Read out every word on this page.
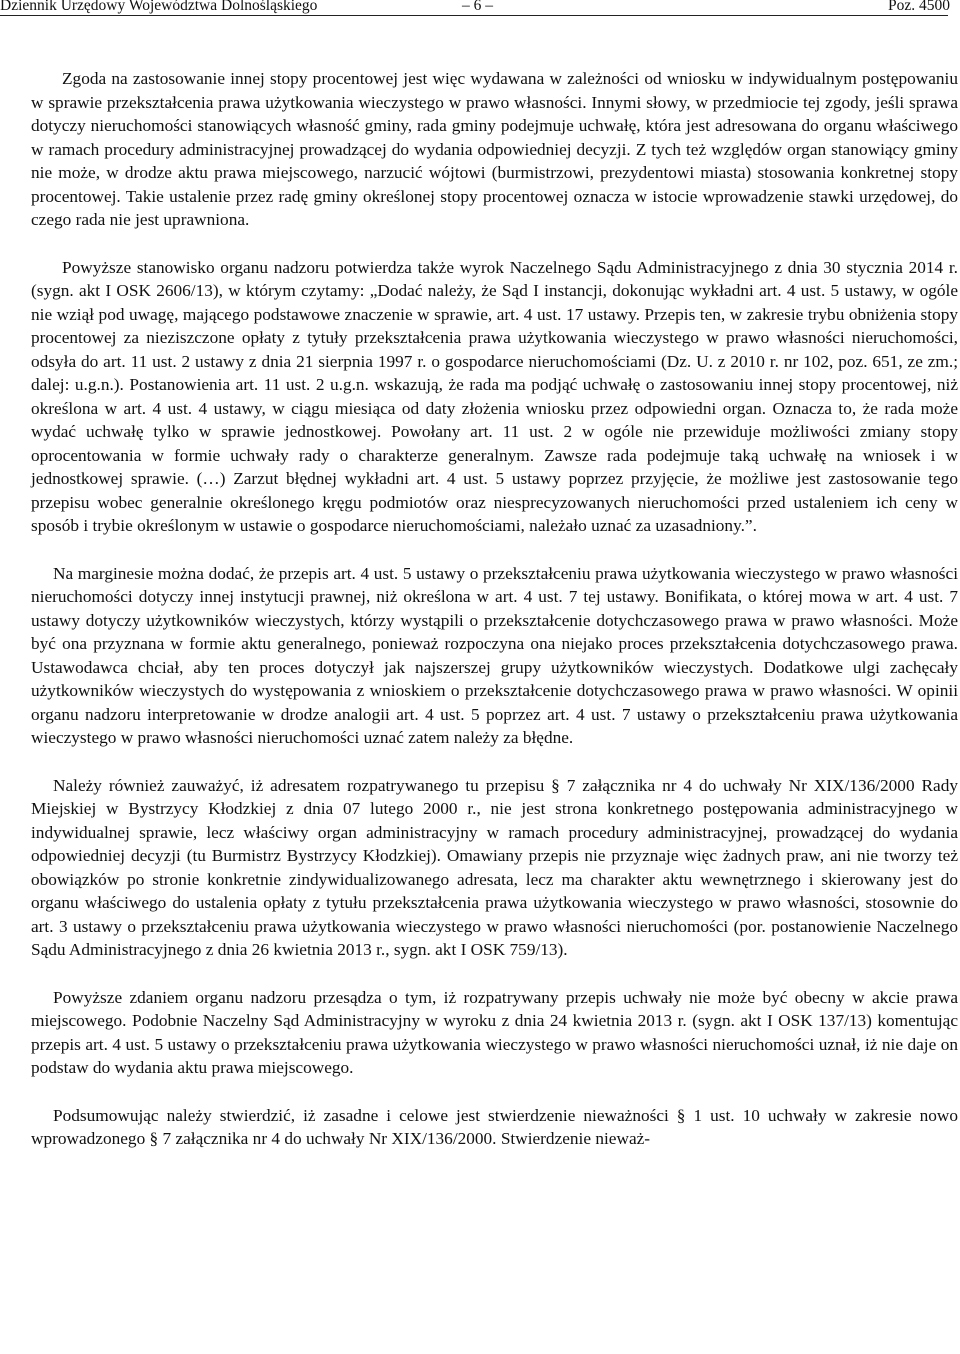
Dziennik Urzędowy Województwa Dolnośląskiego	– 6 –	Poz. 4500

Zgoda na zastosowanie innej stopy procentowej jest więc wydawana w zależności od wniosku w indywidualnym postępowaniu w sprawie przekształcenia prawa użytkowania wieczystego w prawo własności. Innymi słowy, w przedmiocie tej zgody, jeśli sprawa dotyczy nieruchomości stanowiących własność gminy, rada gminy podejmuje uchwałę, która jest adresowana do organu właściwego w ramach procedury administracyjnej prowadzącej do wydania odpowiedniej decyzji. Z tych też względów organ stanowiący gminy nie może, w drodze aktu prawa miejscowego, narzucić wójtowi (burmistrzowi, prezydentowi miasta) stosowania konkretnej stopy procentowej. Takie ustalenie przez radę gminy określonej stopy procentowej oznacza w istocie wprowadzenie stawki urzędowej, do czego rada nie jest uprawniona.

Powyższe stanowisko organu nadzoru potwierdza także wyrok Naczelnego Sądu Administracyjnego z dnia 30 stycznia 2014 r. (sygn. akt I OSK 2606/13), w którym czytamy: „Dodać należy, że Sąd I instancji, dokonując wykładni art. 4 ust. 5 ustawy, w ogóle nie wziął pod uwagę, mającego podstawowe znaczenie w sprawie, art. 4 ust. 17 ustawy. Przepis ten, w zakresie trybu obniżenia stopy procentowej za nieziszczone opłaty z tytuły przekształcenia prawa użytkowania wieczystego w prawo własności nieruchomości, odsyła do art. 11 ust. 2 ustawy z dnia 21 sierpnia 1997 r. o gospodarce nieruchomościami (Dz. U. z 2010 r. nr 102, poz. 651, ze zm.; dalej: u.g.n.). Postanowienia art. 11 ust. 2 u.g.n. wskazują, że rada ma podjąć uchwałę o zastosowaniu innej stopy procentowej, niż określona w art. 4 ust. 4 ustawy, w ciągu miesiąca od daty złożenia wniosku przez odpowiedni organ. Oznacza to, że rada może wydać uchwałę tylko w sprawie jednostkowej. Powołany art. 11 ust. 2 w ogóle nie przewiduje możliwości zmiany stopy oprocentowania w formie uchwały rady o charakterze generalnym. Zawsze rada podejmuje taką uchwałę na wniosek i w jednostkowej sprawie. (…) Zarzut błędnej wykładni art. 4 ust. 5 ustawy poprzez przyjęcie, że możliwe jest zastosowanie tego przepisu wobec generalnie określonego kręgu podmiotów oraz niesprecyzowanych nieruchomości przed ustaleniem ich ceny w sposób i trybie określonym w ustawie o gospodarce nieruchomościami, należało uznać za uzasadniony.”.

Na marginesie można dodać, że przepis art. 4 ust. 5 ustawy o przekształceniu prawa użytkowania wieczystego w prawo własności nieruchomości dotyczy innej instytucji prawnej, niż określona w art. 4 ust. 7 tej ustawy. Bonifikata, o której mowa w art. 4 ust. 7 ustawy dotyczy użytkowników wieczystych, którzy wystąpili o przekształcenie dotychczasowego prawa w prawo własności. Może być ona przyznana w formie aktu generalnego, ponieważ rozpoczyna ona niejako proces przekształcenia dotychczasowego prawa. Ustawodawca chciał, aby ten proces dotyczył jak najszerszej grupy użytkowników wieczystych. Dodatkowe ulgi zachęcały użytkowników wieczystych do występowania z wnioskiem o przekształcenie dotychczasowego prawa w prawo własności. W opinii organu nadzoru interpretowanie w drodze analogii art. 4 ust. 5 poprzez art. 4 ust. 7 ustawy o przekształceniu prawa użytkowania wieczystego w prawo własności nieruchomości uznać zatem należy za błędne.

Należy również zauważyć, iż adresatem rozpatrywanego tu przepisu § 7 załącznika nr 4 do uchwały Nr XIX/136/2000 Rady Miejskiej w Bystrzycy Kłodzkiej z dnia 07 lutego 2000 r., nie jest strona konkretnego postępowania administracyjnego w indywidualnej sprawie, lecz właściwy organ administracyjny w ramach procedury administracyjnej, prowadzącej do wydania odpowiedniej decyzji (tu Burmistrz Bystrzycy Kłodzkiej). Omawiany przepis nie przyznaje więc żadnych praw, ani nie tworzy też obowiązków po stronie konkretnie zindywidualizowanego adresata, lecz ma charakter aktu wewnętrznego i skierowany jest do organu właściwego do ustalenia opłaty z tytułu przekształcenia prawa użytkowania wieczystego w prawo własności, stosownie do art. 3 ustawy o przekształceniu prawa użytkowania wieczystego w prawo własności nieruchomości (por. postanowienie Naczelnego Sądu Administracyjnego z dnia 26 kwietnia 2013 r., sygn. akt I OSK 759/13).

Powyższe zdaniem organu nadzoru przesądza o tym, iż rozpatrywany przepis uchwały nie może być obecny w akcie prawa miejscowego. Podobnie Naczelny Sąd Administracyjny w wyroku z dnia 24 kwietnia 2013 r. (sygn. akt I OSK 137/13) komentując przepis art. 4 ust. 5 ustawy o przekształceniu prawa użytkowania wieczystego w prawo własności nieruchomości uznał, iż nie daje on podstaw do wydania aktu prawa miejscowego.

Podsumowując należy stwierdzić, iż zasadne i celowe jest stwierdzenie nieważności § 1 ust. 10 uchwały w zakresie nowo wprowadzonego § 7 załącznika nr 4 do uchwały Nr XIX/136/2000. Stwierdzenie nieważ-
